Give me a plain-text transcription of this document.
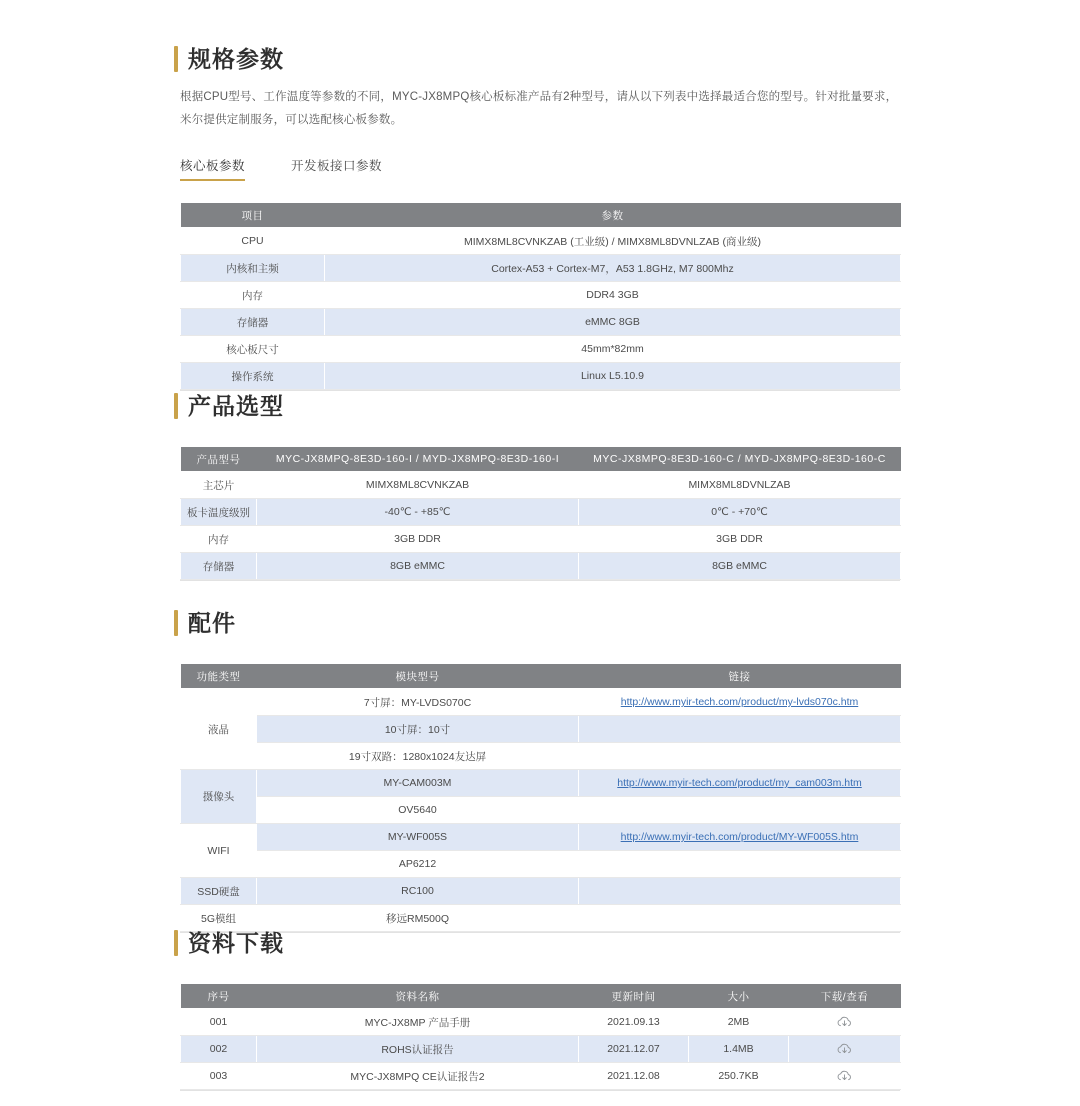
规格参数
根据CPU型号、工作温度等参数的不同，MYC-JX8MPQ核心板标准产品有2种型号，请从以下列表中选择最适合您的型号。针对批量要求，米尔提供定制服务，可以选配核心板参数。
核心板参数	开发板接口参数
项目	参数
CPU	MIMX8ML8CVNKZAB (工业级) / MIMX8ML8DVNLZAB (商业级)
内核和主频	Cortex-A53 + Cortex-M7，A53 1.8GHz, M7 800Mhz
内存	DDR4 3GB
存储器	eMMC 8GB
核心板尺寸	45mm*82mm
操作系统	Linux L5.10.9
产品选型
产品型号	MYC-JX8MPQ-8E3D-160-I / MYD-JX8MPQ-8E3D-160-I	MYC-JX8MPQ-8E3D-160-C / MYD-JX8MPQ-8E3D-160-C
主芯片	MIMX8ML8CVNKZAB	MIMX8ML8DVNLZAB
板卡温度级别	-40℃ - +85℃	0℃ - +70℃
内存	3GB DDR	3GB DDR
存储器	8GB eMMC	8GB eMMC
配件
功能类型	模块型号	链接
液晶	7寸屏：MY-LVDS070C	http://www.myir-tech.com/product/my-lvds070c.htm
	10寸屏：10寸	
	19寸双路：1280x1024友达屏	
摄像头	MY-CAM003M	http://www.myir-tech.com/product/my_cam003m.htm
	OV5640	
WIFI	MY-WF005S	http://www.myir-tech.com/product/MY-WF005S.htm
	AP6212	
SSD硬盘	RC100	
5G模组	移远RM500Q	
资料下载
序号	资料名称	更新时间	大小	下载/查看
001	MYC-JX8MP 产品手册	2021.09.13	2MB	
002	ROHS认证报告	2021.12.07	1.4MB	
003	MYC-JX8MPQ CE认证报告2	2021.12.08	250.7KB	
